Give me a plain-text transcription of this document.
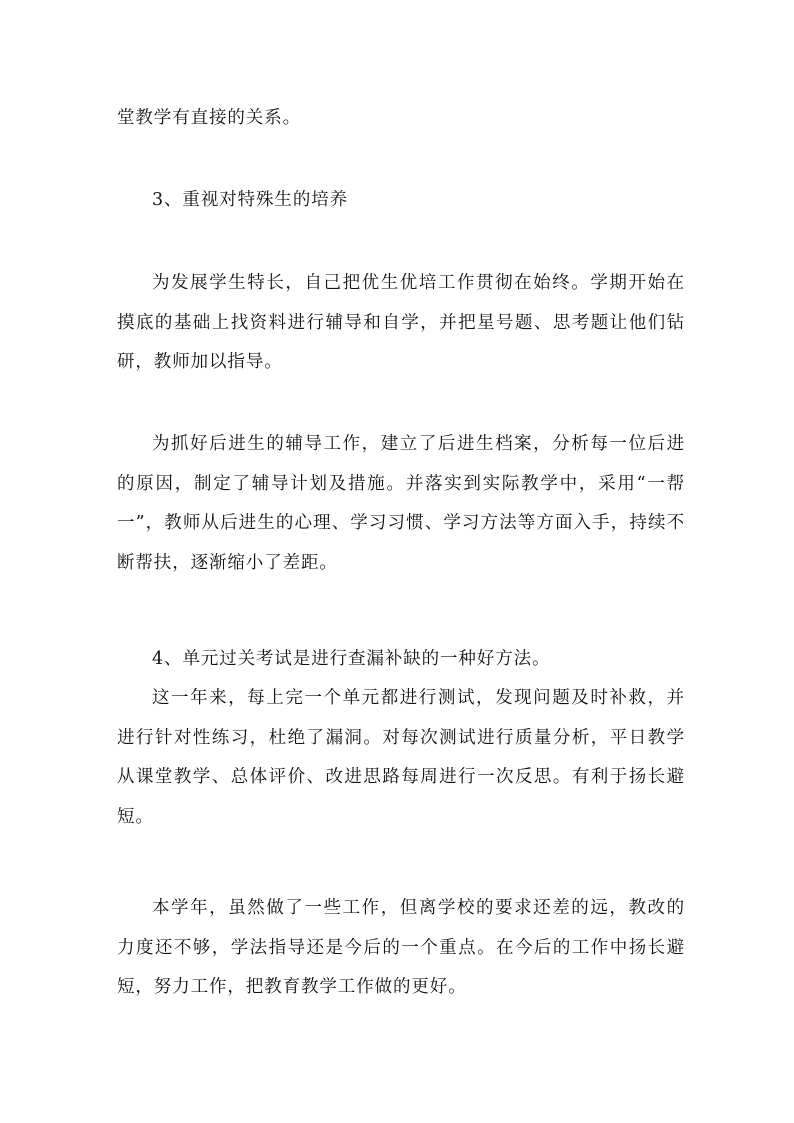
堂教学有直接的关系。

3、重视对特殊生的培养

为发展学生特长，自己把优生优培工作贯彻在始终。学期开始在摸底的基础上找资料进行辅导和自学，并把星号题、思考题让他们钻研，教师加以指导。

为抓好后进生的辅导工作，建立了后进生档案，分析每一位后进的原因，制定了辅导计划及措施。并落实到实际教学中，采用“一帮一”，教师从后进生的心理、学习习惯、学习方法等方面入手，持续不断帮扶，逐渐缩小了差距。

4、单元过关考试是进行查漏补缺的一种好方法。

这一年来，每上完一个单元都进行测试，发现问题及时补救，并进行针对性练习，杜绝了漏洞。对每次测试进行质量分析，平日教学从课堂教学、总体评价、改进思路每周进行一次反思。有利于扬长避短。

本学年，虽然做了一些工作，但离学校的要求还差的远，教改的力度还不够，学法指导还是今后的一个重点。在今后的工作中扬长避短，努力工作，把教育教学工作做的更好。
